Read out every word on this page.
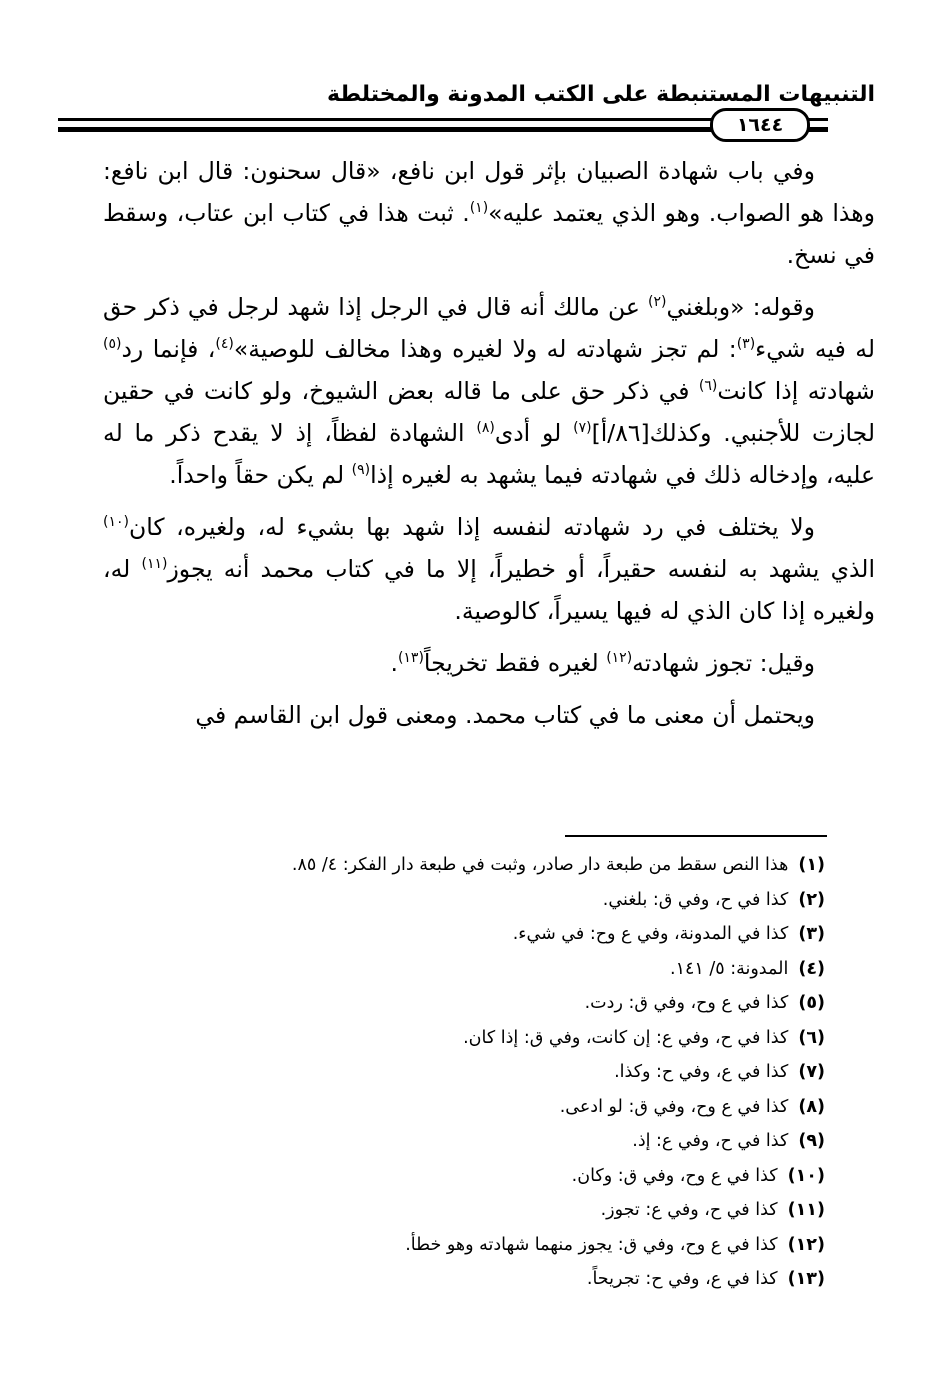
التنبيهات المستنبطة على الكتب المدونة والمختلطة
١٦٤٤

وفي باب شهادة الصبيان بإثر قول ابن نافع، «قال سحنون: قال ابن نافع: وهذا هو الصواب. وهو الذي يعتمد عليه»$^{(١)}$. ثبت هذا في كتاب ابن عتاب، وسقط في نسخ.

وقوله: «وبلغني$^{(٢)}$ عن مالك أنه قال في الرجل إذا شهد لرجل في ذكر حق له فيه شيء$^{(٣)}$: لم تجز شهادته له ولا لغيره وهذا مخالف للوصية»$^{(٤)}$، فإنما رد$^{(٥)}$ شهادته إذا كانت$^{(٦)}$ في ذكر حق على ما قاله بعض الشيوخ، ولو كانت في حقين لجازت للأجنبي. وكذلك[٨٦/أ]$^{(٧)}$ لو أدى$^{(٨)}$ الشهادة لفظاً، إذ لا يقدح ذكر ما له عليه، وإدخاله ذلك في شهادته فيما يشهد به لغيره إذا$^{(٩)}$ لم يكن حقاً واحداً.

ولا يختلف في رد شهادته لنفسه إذا شهد بها بشيء له، ولغيره، كان$^{(١٠)}$ الذي يشهد به لنفسه حقيراً، أو خطيراً، إلا ما في كتاب محمد أنه يجوز$^{(١١)}$ له، ولغيره إذا كان الذي له فيها يسيراً، كالوصية.

وقيل: تجوز شهادته$^{(١٢)}$ لغيره فقط تخريجاً$^{(١٣)}$.

ويحتمل أن معنى ما في كتاب محمد. ومعنى قول ابن القاسم في

(١)هذا النص سقط من طبعة دار صادر، وثبت في طبعة دار الفكر: ٤/ ٨٥.
(٢)كذا في ح، وفي ق: بلغني.
(٣)كذا في المدونة، وفي ع وح: في شيء.
(٤)المدونة: ٥/ ١٤١.
(٥)كذا في ع وح، وفي ق: ردت.
(٦)كذا في ح، وفي ع: إن كانت، وفي ق: إذا كان.
(٧)كذا في ع، وفي ح: وكذا.
(٨)كذا في ع وح، وفي ق: لو ادعى.
(٩)كذا في ح، وفي ع: إذ.
(١٠)كذا في ع وح، وفي ق: وكان.
(١١)كذا في ح، وفي ع: تجوز.
(١٢)كذا في ع وح، وفي ق: يجوز منهما شهادته وهو خطأ.
(١٣)كذا في ع، وفي ح: تجريحاً.
